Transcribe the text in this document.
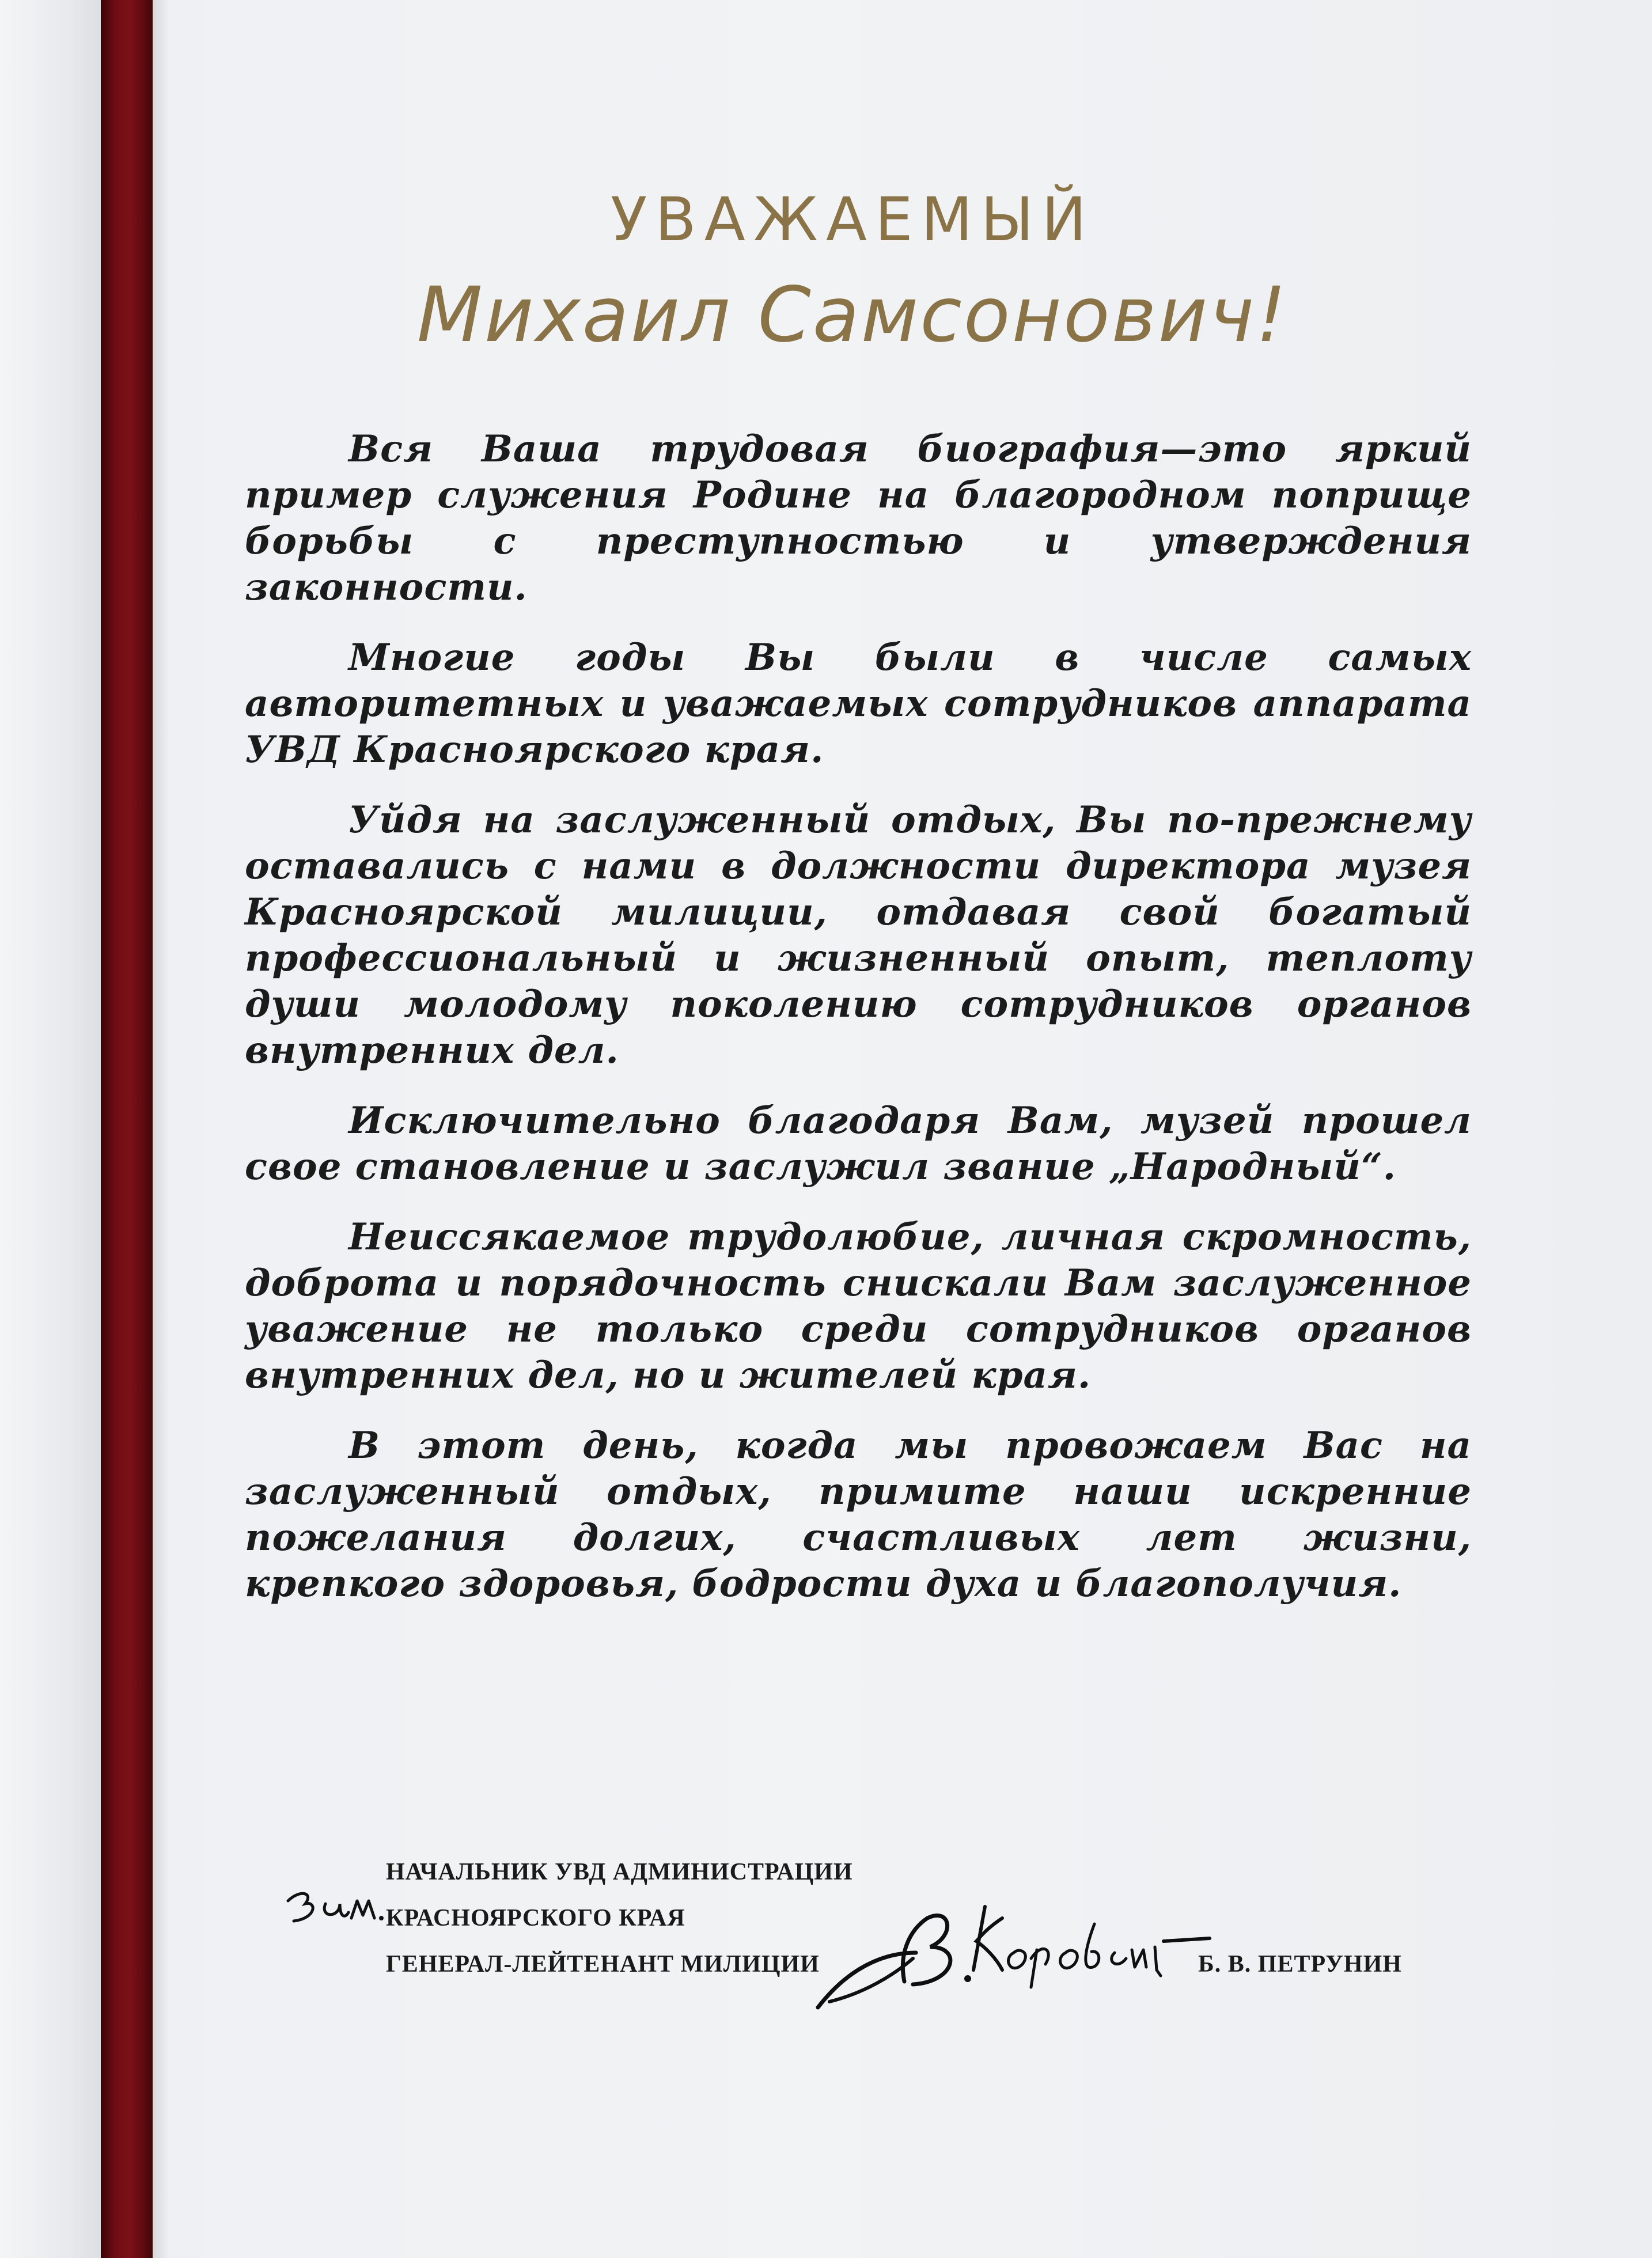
УВАЖАЕМЫЙ
Михаил Самсонович!

Вся Ваша трудовая биография—это яркий пример служения Родине на благородном поприще борьбы с преступностью и утверждения законности.

Многие годы Вы были в числе самых авторитетных и уважаемых сотрудников аппарата УВД Красноярского края.

Уйдя на заслуженный отдых, Вы по-прежнему оставались с нами в должности директора музея Красноярской милиции, отдавая свой богатый профессиональный и жизненный опыт, теплоту души молодому поколению сотрудников органов внутренних дел.

Исключительно благодаря Вам, музей прошел свое становление и заслужил звание „Народный“.

Неиссякаемое трудолюбие, личная скромность, доброта и порядочность снискали Вам заслуженное уважение не только среди сотрудников органов внутренних дел, но и жителей края.

В этот день, когда мы провожаем Вас на заслуженный отдых, примите наши искренние пожелания долгих, счастливых лет жизни, крепкого здоровья, бодрости духа и благополучия.

НАЧАЛЬНИК УВД АДМИНИСТРАЦИИ
КРАСНОЯРСКОГО КРАЯ
ГЕНЕРАЛ-ЛЕЙТЕНАНТ МИЛИЦИИ	Б. В. ПЕТРУНИН
